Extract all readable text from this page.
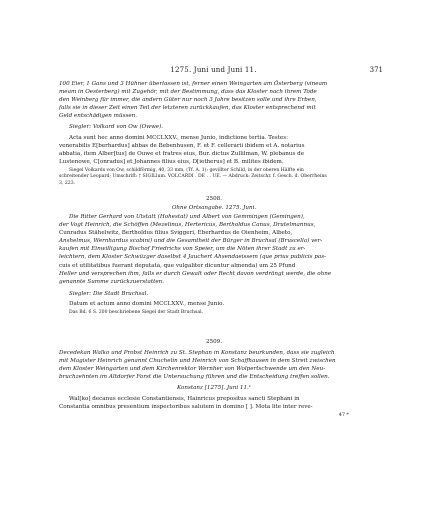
1275. Juni und Juni 11.	371
100 Eier, 1 Gans und 3 Hühner überlassen ist, ferner einen Weingarten am Österberg (vineam
meam in Oesterberg) mit Zugehör, mit der Bestimmung, dass das Kloster nach ihrem Tode
den Weinberg für immer, die andern Güter nur noch 3 Jahre besitzen solle und ihre Erben,
falls sie in dieser Zeit einen Teil der letzteren zurückkaufen, das Kloster entsprechend mit
Geld entschädigen müssen.
Siegler: Volkard von Ow (Owwe).
Acta sunt hec anno domini MCCLXXV., mense Junio, indictione tertia. Testes:
venerabilis E[berhardus] abbas de Bebenhusen, F. et F. cellerarii ibidem et A. notarius
abbatia, item Alber[tus] de Ouwe et fratres eius, Bur. dictus Zullilman, W. plebanus de
Lustenowe, C[onradus] et Johannes filius eius, D[ietherus] et B. milites ibidem.
Siegel Volkards von Ow, schildförmig, 40, 33 mm, (Tf. A. 1): gevillter Schild, in der oberen Hälfte ein
schreitender Leopard; Umschrift: † SIGILlum. VOLCARDI . DE . . UE. — Abdruck: Zeitschr. f. Gesch. d. Oberrheins
3, 223.
2508.
Ohne Ortsangabe. 1275. Juni.
Die Ritter Gerhard von Utstatt (Hohestat) und Albert von Gemmingen (Gemingen),
der Vogt Heinrich, die Schöffen (Mezelinus, Hertericus, Bertholdus Canus, Drutelmannus,
Cunradus Stähelwitz, Bertholdus filius Sviggeri, Eberhardus de Oienheim, Albeto,
Anshelmus, Wernhardus scabini) und die Gesamtheit der Bürger in Bruchsal (Bruscella) ver-
kaufen mit Einwilligung Bischof Friedrichs von Speier, um die Nöten ihrer Stadt zu er-
leichtern, dem Kloster Schwüzger daselbst 4 Jauchert Ahsendaeissem (que prius publicis pas-
cuis et utilitatibus fuerant deputata, que vulgaliter dicuntur almenda) um 25 Pfund
Heller und versprechen ihm, falls er durch Gewalt oder Recht davon verdrängt werde, die ohne
genannte Summe zurückzuerstatten.
Siegler: Die Stadt Bruchsal.
Datum et actum anno domini MCCLXXV., mense Junio.
Das Bd. 6 S. 200 beschriebene Siegel der Stadt Bruchsal.
2509.
Decedekan Walko und Probst Heinrich zu St. Stephan in Konstanz beurkunden, dass sie zugleich
mit Magister Heinrich genannt Chuchelin und Heinrich von Schaffhausen in dem Streit zwischen
dem Kloster Weingarten und dem Kirchenrektor Wernher von Wolpertschwende um den Neu-
bruchzehnten im Altdorfer Forst die Untersuchung führen und die Entscheidung treffen sollen.
Konstanz [1275]. Juni 11.¹
Wal[ko] decanus ecclesie Constantiensis, Hainricus prepositus sancti Stephani in
Constantia omnibus presentium inspectoribus salutem in domino [ ]. Mota lite inter reve-
47 *
